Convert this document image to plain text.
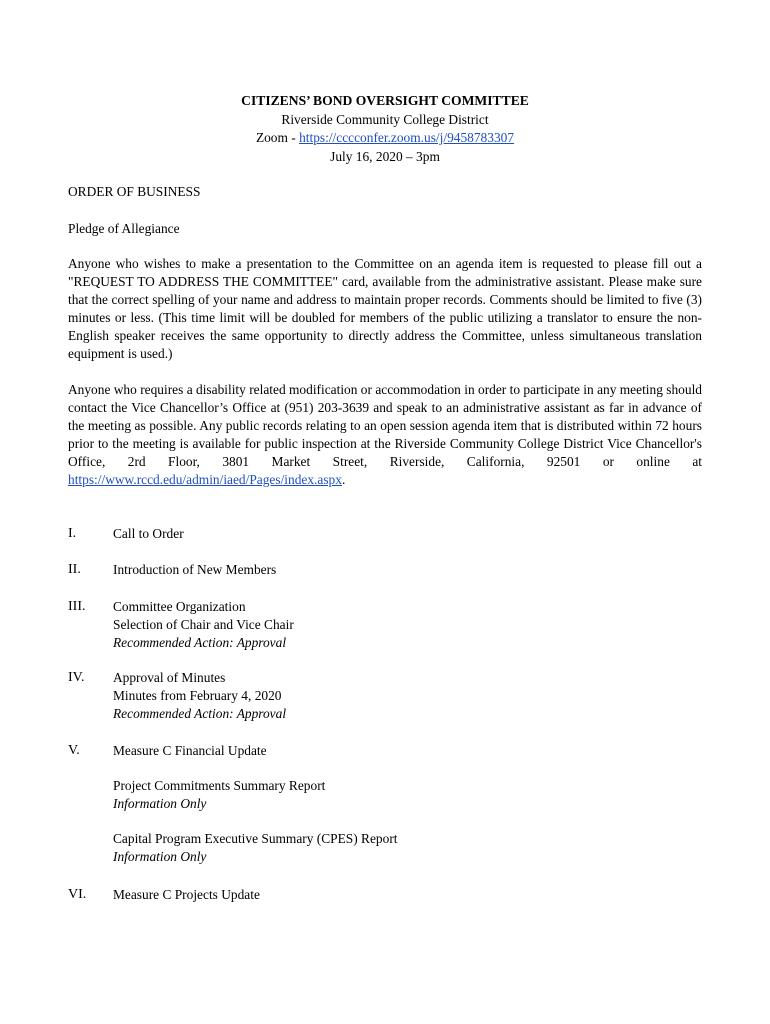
CITIZENS’ BOND OVERSIGHT COMMITTEE
Riverside Community College District
Zoom - https://cccconfer.zoom.us/j/9458783307
July 16, 2020 – 3pm
ORDER OF BUSINESS
Pledge of Allegiance
Anyone who wishes to make a presentation to the Committee on an agenda item is requested to please fill out a "REQUEST TO ADDRESS THE COMMITTEE" card, available from the administrative assistant. Please make sure that the correct spelling of your name and address to maintain proper records. Comments should be limited to five (3) minutes or less. (This time limit will be doubled for members of the public utilizing a translator to ensure the non-English speaker receives the same opportunity to directly address the Committee, unless simultaneous translation equipment is used.)
Anyone who requires a disability related modification or accommodation in order to participate in any meeting should contact the Vice Chancellor’s Office at (951) 203-3639 and speak to an administrative assistant as far in advance of the meeting as possible. Any public records relating to an open session agenda item that is distributed within 72 hours prior to the meeting is available for public inspection at the Riverside Community College District Vice Chancellor's Office, 2rd Floor, 3801 Market Street, Riverside, California, 92501 or online at https://www.rccd.edu/admin/iaed/Pages/index.aspx.
I.	Call to Order
II.	Introduction of New Members
III.	Committee Organization
Selection of Chair and Vice Chair
Recommended Action: Approval
IV.	Approval of Minutes
Minutes from February 4, 2020
Recommended Action: Approval
V.	Measure C Financial Update
Project Commitments Summary Report
Information Only
Capital Program Executive Summary (CPES) Report
Information Only
VI.	Measure C Projects Update
